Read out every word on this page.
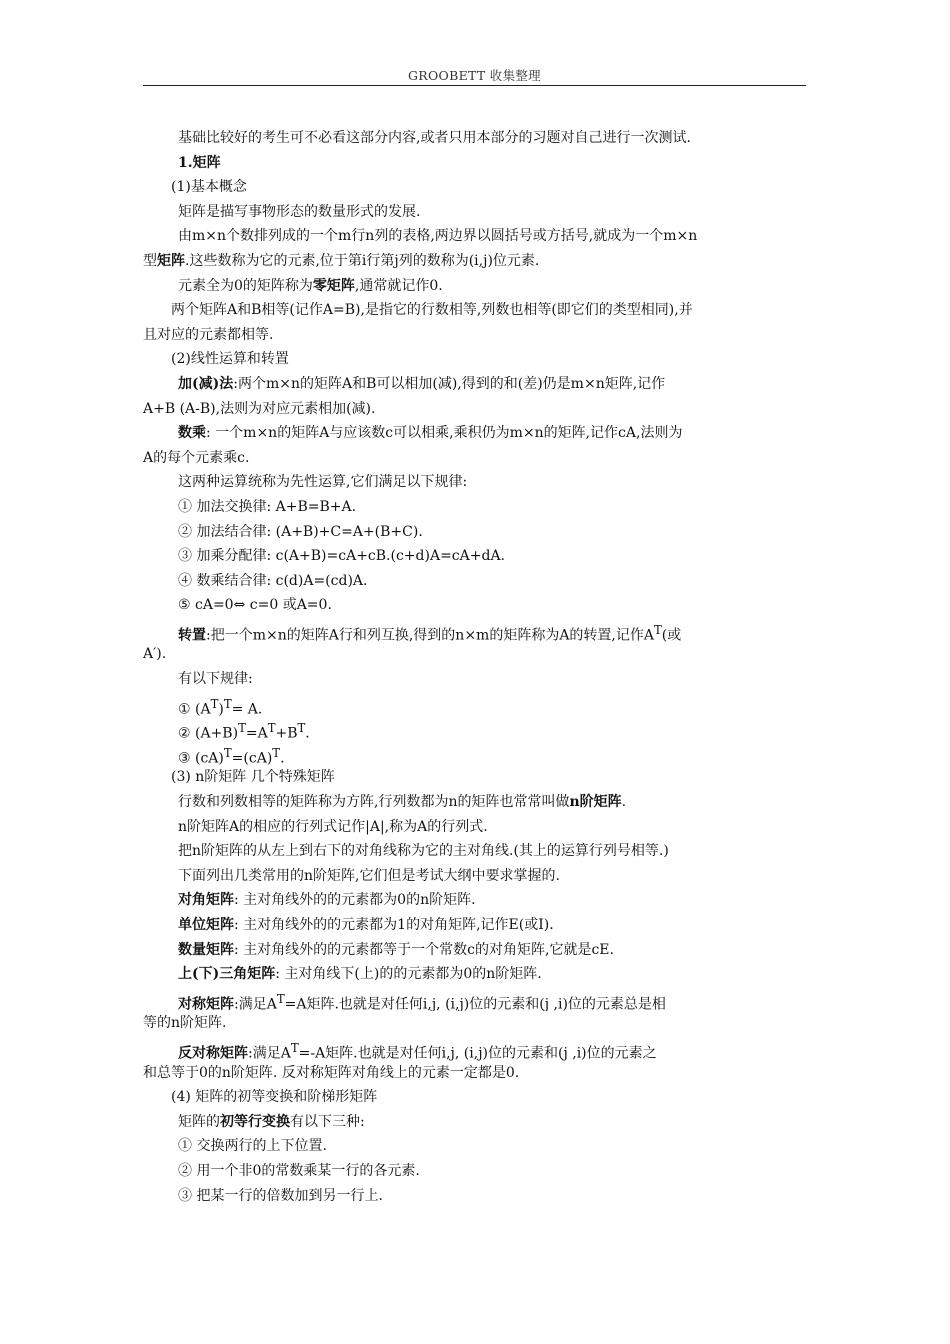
GROOBETT 收集整理
基础比较好的考生可不必看这部分内容,或者只用本部分的习题对自己进行一次测试.
1.矩阵
(1)基本概念
矩阵是描写事物形态的数量形式的发展.
由m×n个数排列成的一个m行n列的表格,两边界以圆括号或方括号,就成为一个m×n
型矩阵.这些数称为它的元素,位于第i行第j列的数称为(i,j)位元素.
元素全为0的矩阵称为零矩阵,通常就记作0.
两个矩阵A和B相等(记作A=B),是指它的行数相等,列数也相等(即它们的类型相同),并
且对应的元素都相等.
(2)线性运算和转置
加(减)法:两个m×n的矩阵A和B可以相加(减),得到的和(差)仍是m×n矩阵,记作
A+B (A-B),法则为对应元素相加(减).
数乘: 一个m×n的矩阵A与应该数c可以相乘,乘积仍为m×n的矩阵,记作cA,法则为
A的每个元素乘c.
这两种运算统称为先性运算,它们满足以下规律:
① 加法交换律: A+B=B+A.
② 加法结合律: (A+B)+C=A+(B+C).
③ 加乘分配律: c(A+B)=cA+cB.(c+d)A=cA+dA.
④ 数乘结合律: c(d)A=(cd)A.
⑤ cA=0⇔ c=0 或A=0.
转置:把一个m×n的矩阵A行和列互换,得到的n×m的矩阵称为A的转置,记作$A^T$(或
A′).
有以下规律:
① $(A^T)^T= A$.
② $(A+B)^T=A^T+B^T$.
③ (cA)$^T$=(cA)$^T$.
(3) n阶矩阵 几个特殊矩阵
行数和列数相等的矩阵称为方阵,行列数都为n的矩阵也常常叫做n阶矩阵.
n阶矩阵A的相应的行列式记作|A|,称为A的行列式.
把n阶矩阵的从左上到右下的对角线称为它的主对角线.(其上的运算行列号相等.)
下面列出几类常用的n阶矩阵,它们但是考试大纲中要求掌握的.
对角矩阵: 主对角线外的的元素都为0的n阶矩阵.
单位矩阵: 主对角线外的的元素都为1的对角矩阵,记作E(或I).
数量矩阵: 主对角线外的的元素都等于一个常数c的对角矩阵,它就是cE.
上(下)三角矩阵: 主对角线下(上)的的元素都为0的n阶矩阵.
对称矩阵:满足$A^T=A$矩阵.也就是对任何i,j, (i,j)位的元素和(j ,i)位的元素总是相
等的n阶矩阵.
反对称矩阵:满足$A^T=-A$矩阵.也就是对任何i,j, (i,j)位的元素和(j ,i)位的元素之
和总等于0的n阶矩阵. 反对称矩阵对角线上的元素一定都是0.
(4) 矩阵的初等变换和阶梯形矩阵
矩阵的初等行变换有以下三种:
① 交换两行的上下位置.
② 用一个非0的常数乘某一行的各元素.
③ 把某一行的倍数加到另一行上.
